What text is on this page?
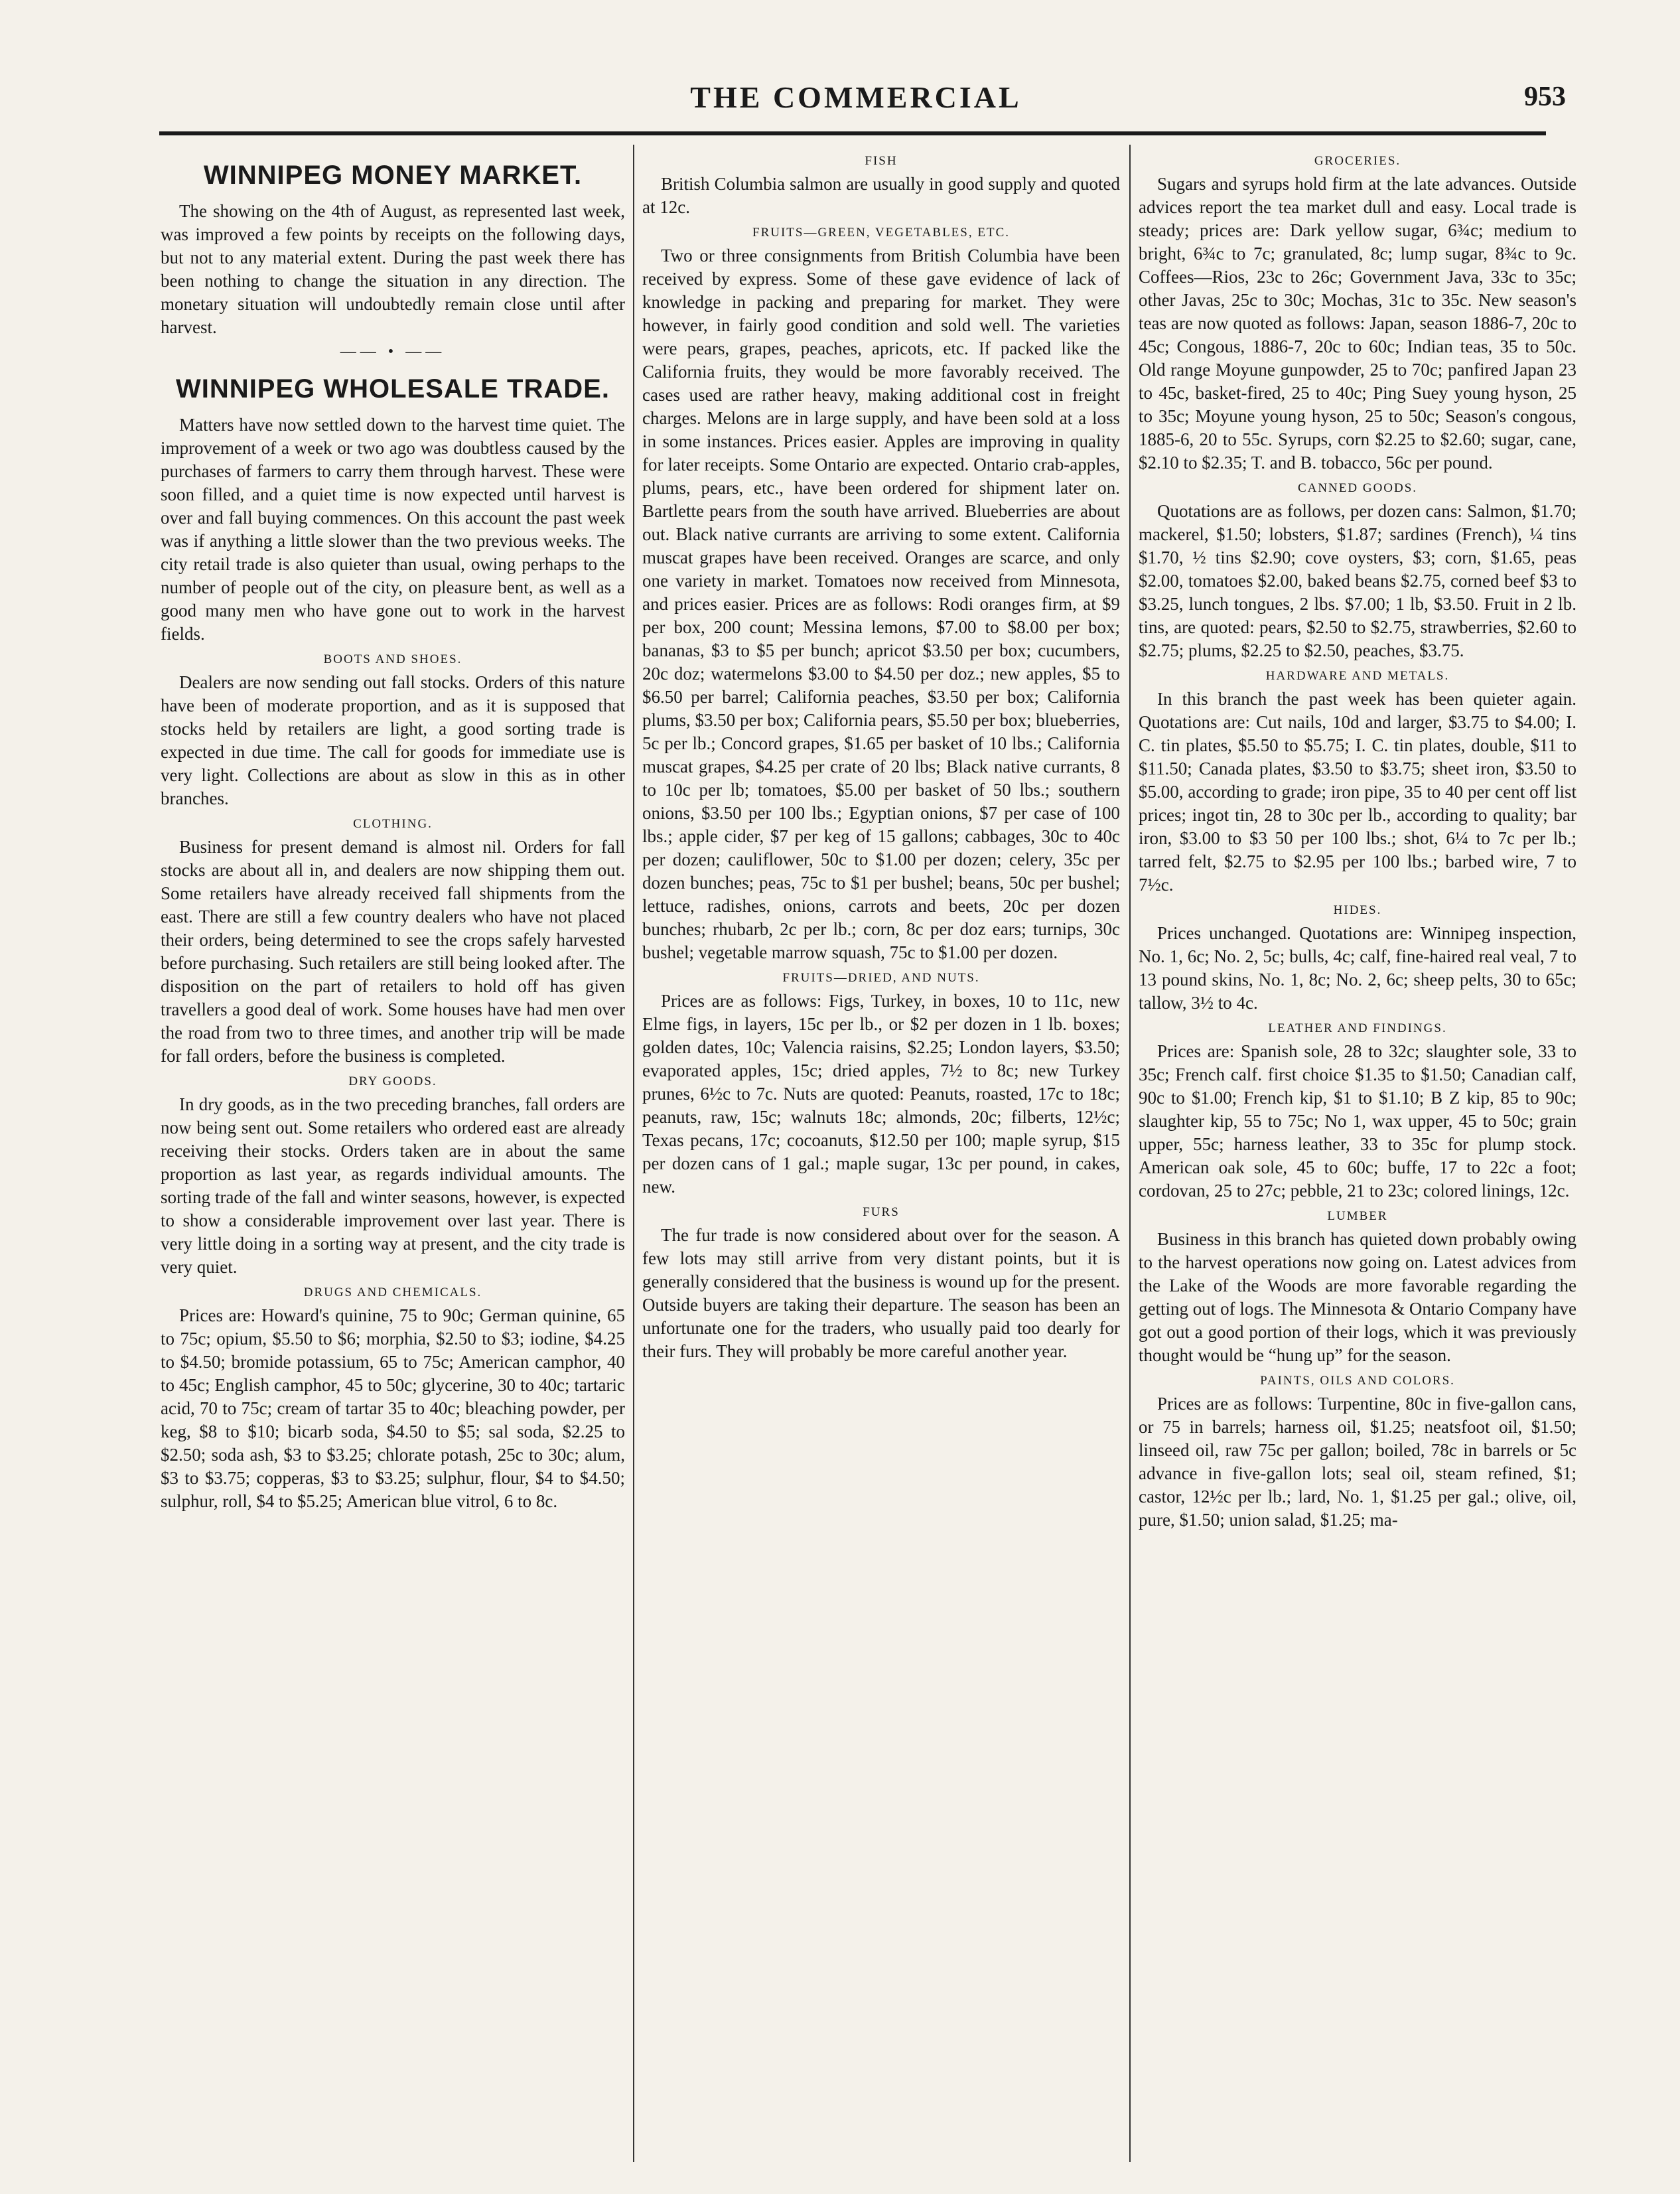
THE COMMERCIAL	953
WINNIPEG MONEY MARKET.

The showing on the 4th of August, as represented last week, was improved a few points by receipts on the following days, but not to any material extent. During the past week there has been nothing to change the situation in any direction. The monetary situation will undoubtedly remain close until after harvest.

—— • ——
WINNIPEG WHOLESALE TRADE.

Matters have now settled down to the harvest time quiet. The improvement of a week or two ago was doubtless caused by the purchases of farmers to carry them through harvest. These were soon filled, and a quiet time is now expected until harvest is over and fall buying commences. On this account the past week was if anything a little slower than the two previous weeks. The city retail trade is also quieter than usual, owing perhaps to the number of people out of the city, on pleasure bent, as well as a good many men who have gone out to work in the harvest fields.

BOOTS AND SHOES.

Dealers are now sending out fall stocks. Orders of this nature have been of moderate proportion, and as it is supposed that stocks held by retailers are light, a good sorting trade is expected in due time. The call for goods for immediate use is very light. Collections are about as slow in this as in other branches.

CLOTHING.

Business for present demand is almost nil. Orders for fall stocks are about all in, and dealers are now shipping them out. Some retailers have already received fall shipments from the east. There are still a few country dealers who have not placed their orders, being determined to see the crops safely harvested before purchasing. Such retailers are still being looked after. The disposition on the part of retailers to hold off has given travellers a good deal of work. Some houses have had men over the road from two to three times, and another trip will be made for fall orders, before the business is completed.

DRY GOODS.

In dry goods, as in the two preceding branches, fall orders are now being sent out. Some retailers who ordered east are already receiving their stocks. Orders taken are in about the same proportion as last year, as regards individual amounts. The sorting trade of the fall and winter seasons, however, is expected to show a considerable improvement over last year. There is very little doing in a sorting way at present, and the city trade is very quiet.

DRUGS AND CHEMICALS.

Prices are: Howard's quinine, 75 to 90c; German quinine, 65 to 75c; opium, $5.50 to $6; morphia, $2.50 to $3; iodine, $4.25 to $4.50; bromide potassium, 65 to 75c; American camphor, 40 to 45c; English camphor, 45 to 50c; glycerine, 30 to 40c; tartaric acid, 70 to 75c; cream of tartar 35 to 40c; bleaching powder, per keg, $8 to $10; bicarb soda, $4.50 to $5; sal soda, $2.25 to $2.50; soda ash, $3 to $3.25; chlorate potash, 25c to 30c; alum, $3 to $3.75; copperas, $3 to $3.25; sulphur, flour, $4 to $4.50; sulphur, roll, $4 to $5.25; American blue vitrol, 6 to 8c.

FISH

British Columbia salmon are usually in good supply and quoted at 12c.

FRUITS—GREEN, VEGETABLES, ETC.

Two or three consignments from British Columbia have been received by express. Some of these gave evidence of lack of knowledge in packing and preparing for market. They were however, in fairly good condition and sold well. The varieties were pears, grapes, peaches, apricots, etc. If packed like the California fruits, they would be more favorably received. The cases used are rather heavy, making additional cost in freight charges. Melons are in large supply, and have been sold at a loss in some instances. Prices easier. Apples are improving in quality for later receipts. Some Ontario are expected. Ontario crab-apples, plums, pears, etc., have been ordered for shipment later on. Bartlette pears from the south have arrived. Blueberries are about out. Black native currants are arriving to some extent. California muscat grapes have been received. Oranges are scarce, and only one variety in market. Tomatoes now received from Minnesota, and prices easier. Prices are as follows: Rodi oranges firm, at $9 per box, 200 count; Messina lemons, $7.00 to $8.00 per box; bananas, $3 to $5 per bunch; apricot $3.50 per box; cucumbers, 20c doz; watermelons $3.00 to $4.50 per doz.; new apples, $5 to $6.50 per barrel; California peaches, $3.50 per box; California plums, $3.50 per box; California pears, $5.50 per box; blueberries, 5c per lb.; Concord grapes, $1.65 per basket of 10 lbs.; California muscat grapes, $4.25 per crate of 20 lbs; Black native currants, 8 to 10c per lb; tomatoes, $5.00 per basket of 50 lbs.; southern onions, $3.50 per 100 lbs.; Egyptian onions, $7 per case of 100 lbs.; apple cider, $7 per keg of 15 gallons; cabbages, 30c to 40c per dozen; cauliflower, 50c to $1.00 per dozen; celery, 35c per dozen bunches; peas, 75c to $1 per bushel; beans, 50c per bushel; lettuce, radishes, onions, carrots and beets, 20c per dozen bunches; rhubarb, 2c per lb.; corn, 8c per doz ears; turnips, 30c bushel; vegetable marrow squash, 75c to $1.00 per dozen.

FRUITS—DRIED, AND NUTS.

Prices are as follows: Figs, Turkey, in boxes, 10 to 11c, new Elme figs, in layers, 15c per lb., or $2 per dozen in 1 lb. boxes; golden dates, 10c; Valencia raisins, $2.25; London layers, $3.50; evaporated apples, 15c; dried apples, 7½ to 8c; new Turkey prunes, 6½c to 7c. Nuts are quoted: Peanuts, roasted, 17c to 18c; peanuts, raw, 15c; walnuts 18c; almonds, 20c; filberts, 12½c; Texas pecans, 17c; cocoanuts, $12.50 per 100; maple syrup, $15 per dozen cans of 1 gal.; maple sugar, 13c per pound, in cakes, new.

FURS

The fur trade is now considered about over for the season. A few lots may still arrive from very distant points, but it is generally considered that the business is wound up for the present. Outside buyers are taking their departure. The season has been an unfortunate one for the traders, who usually paid too dearly for their furs. They will probably be more careful another year.

GROCERIES.

Sugars and syrups hold firm at the late advances. Outside advices report the tea market dull and easy. Local trade is steady; prices are: Dark yellow sugar, 6¾c; medium to bright, 6¾c to 7c; granulated, 8c; lump sugar, 8¾c to 9c. Coffees—Rios, 23c to 26c; Government Java, 33c to 35c; other Javas, 25c to 30c; Mochas, 31c to 35c. New season's teas are now quoted as follows: Japan, season 1886-7, 20c to 45c; Congous, 1886-7, 20c to 60c; Indian teas, 35 to 50c. Old range Moyune gunpowder, 25 to 70c; panfired Japan 23 to 45c, basket-fired, 25 to 40c; Ping Suey young hyson, 25 to 35c; Moyune young hyson, 25 to 50c; Season's congous, 1885-6, 20 to 55c. Syrups, corn $2.25 to $2.60; sugar, cane, $2.10 to $2.35; T. and B. tobacco, 56c per pound.

CANNED GOODS.

Quotations are as follows, per dozen cans: Salmon, $1.70; mackerel, $1.50; lobsters, $1.87; sardines (French), ¼ tins $1.70, ½ tins $2.90; cove oysters, $3; corn, $1.65, peas $2.00, tomatoes $2.00, baked beans $2.75, corned beef $3 to $3.25, lunch tongues, 2 lbs. $7.00; 1 lb, $3.50. Fruit in 2 lb. tins, are quoted: pears, $2.50 to $2.75, strawberries, $2.60 to $2.75; plums, $2.25 to $2.50, peaches, $3.75.

HARDWARE AND METALS.

In this branch the past week has been quieter again. Quotations are: Cut nails, 10d and larger, $3.75 to $4.00; I. C. tin plates, $5.50 to $5.75; I. C. tin plates, double, $11 to $11.50; Canada plates, $3.50 to $3.75; sheet iron, $3.50 to $5.00, according to grade; iron pipe, 35 to 40 per cent off list prices; ingot tin, 28 to 30c per lb., according to quality; bar iron, $3.00 to $3 50 per 100 lbs.; shot, 6¼ to 7c per lb.; tarred felt, $2.75 to $2.95 per 100 lbs.; barbed wire, 7 to 7½c.

HIDES.

Prices unchanged. Quotations are: Winnipeg inspection, No. 1, 6c; No. 2, 5c; bulls, 4c; calf, fine-haired real veal, 7 to 13 pound skins, No. 1, 8c; No. 2, 6c; sheep pelts, 30 to 65c; tallow, 3½ to 4c.

LEATHER AND FINDINGS.

Prices are: Spanish sole, 28 to 32c; slaughter sole, 33 to 35c; French calf. first choice $1.35 to $1.50; Canadian calf, 90c to $1.00; French kip, $1 to $1.10; B Z kip, 85 to 90c; slaughter kip, 55 to 75c; No 1, wax upper, 45 to 50c; grain upper, 55c; harness leather, 33 to 35c for plump stock. American oak sole, 45 to 60c; buffe, 17 to 22c a foot; cordovan, 25 to 27c; pebble, 21 to 23c; colored linings, 12c.

LUMBER

Business in this branch has quieted down probably owing to the harvest operations now going on. Latest advices from the Lake of the Woods are more favorable regarding the getting out of logs. The Minnesota & Ontario Company have got out a good portion of their logs, which it was previously thought would be “hung up” for the season.

PAINTS, OILS AND COLORS.

Prices are as follows: Turpentine, 80c in five-gallon cans, or 75 in barrels; harness oil, $1.25; neatsfoot oil, $1.50; linseed oil, raw 75c per gallon; boiled, 78c in barrels or 5c advance in five-gallon lots; seal oil, steam refined, $1; castor, 12½c per lb.; lard, No. 1, $1.25 per gal.; olive, oil, pure, $1.50; union salad, $1.25; ma-
